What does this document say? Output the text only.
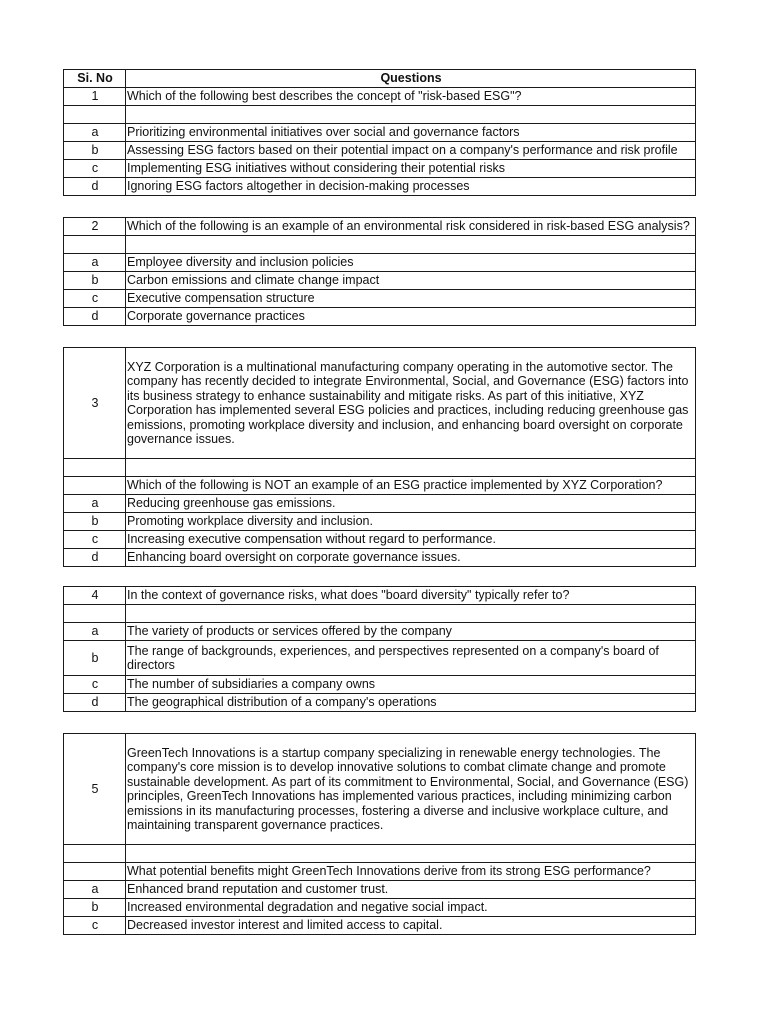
Si. No	Questions
1	Which of the following best describes the concept of "risk-based ESG"?

a	Prioritizing environmental initiatives over social and governance factors
b	Assessing ESG factors based on their potential impact on a company's performance and risk profile
c	Implementing ESG initiatives without considering their potential risks
d	Ignoring ESG factors altogether in decision-making processes
2	Which of the following is an example of an environmental risk considered in risk-based ESG analysis?

a	Employee diversity and inclusion policies
b	Carbon emissions and climate change impact
c	Executive compensation structure
d	Corporate governance practices
3	XYZ Corporation is a multinational manufacturing company operating in the automotive sector. The company has recently decided to integrate Environmental, Social, and Governance (ESG) factors into its business strategy to enhance sustainability and mitigate risks. As part of this initiative, XYZ Corporation has implemented several ESG policies and practices, including reducing greenhouse gas emissions, promoting workplace diversity and inclusion, and enhancing board oversight on corporate governance issues.

	Which of the following is NOT an example of an ESG practice implemented by XYZ Corporation?
a	Reducing greenhouse gas emissions.
b	Promoting workplace diversity and inclusion.
c	Increasing executive compensation without regard to performance.
d	Enhancing board oversight on corporate governance issues.
4	In the context of governance risks, what does "board diversity" typically refer to?

a	The variety of products or services offered by the company
b	The range of backgrounds, experiences, and perspectives represented on a company's board of directors
c	The number of subsidiaries a company owns
d	The geographical distribution of a company's operations
5	GreenTech Innovations is a startup company specializing in renewable energy technologies. The company's core mission is to develop innovative solutions to combat climate change and promote sustainable development. As part of its commitment to Environmental, Social, and Governance (ESG) principles, GreenTech Innovations has implemented various practices, including minimizing carbon emissions in its manufacturing processes, fostering a diverse and inclusive workplace culture, and maintaining transparent governance practices.

	What potential benefits might GreenTech Innovations derive from its strong ESG performance?
a	Enhanced brand reputation and customer trust.
b	Increased environmental degradation and negative social impact.
c	Decreased investor interest and limited access to capital.
